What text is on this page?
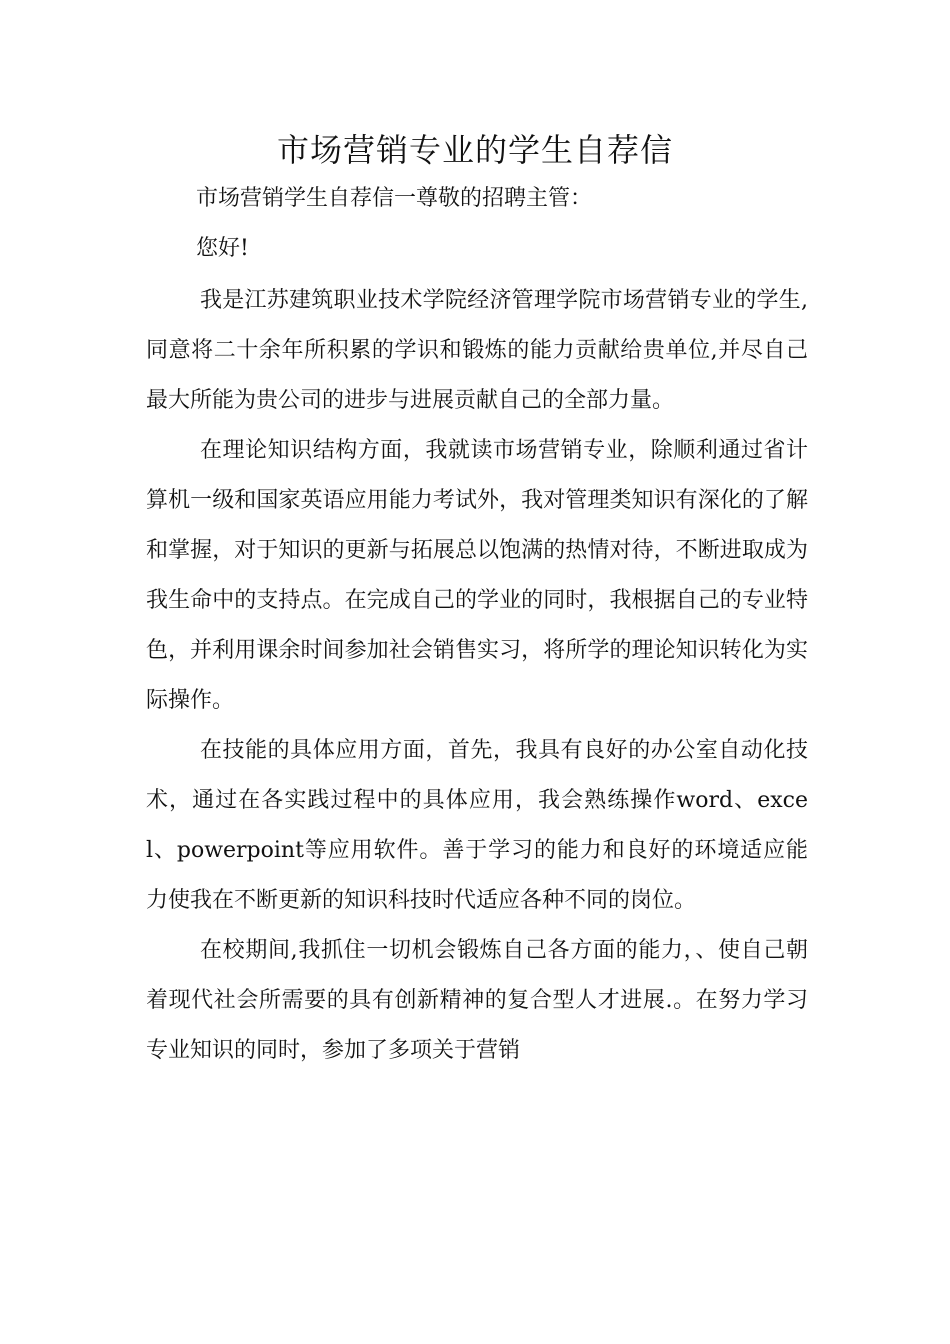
市场营销专业的学生自荐信

市场营销学生自荐信一尊敬的招聘主管：

您好!

我是江苏建筑职业技术学院经济管理学院市场营销专业的学生, 同意将二十余年所积累的学识和锻炼的能力贡献给贵单位,并尽自己最大所能为贵公司的进步与进展贡献自己的全部力量。

在理论知识结构方面，我就读市场营销专业，除顺利通过省计算机一级和国家英语应用能力考试外，我对管理类知识有深化的了解和掌握，对于知识的更新与拓展总以饱满的热情对待，不断进取成为我生命中的支持点。在完成自己的学业的同时，我根据自己的专业特色，并利用课余时间参加社会销售实习，将所学的理论知识转化为实际操作。

在技能的具体应用方面，首先，我具有良好的办公室自动化技术，通过在各实践过程中的具体应用，我会熟练操作word、excel、powerpoint等应用软件。善于学习的能力和良好的环境适应能力使我在不断更新的知识科技时代适应各种不同的岗位。

在校期间,我抓住一切机会锻炼自己各方面的能力，、使自己朝着现代社会所需要的具有创新精神的复合型人才进展.。在努力学习专业知识的同时，参加了多项关于营销
